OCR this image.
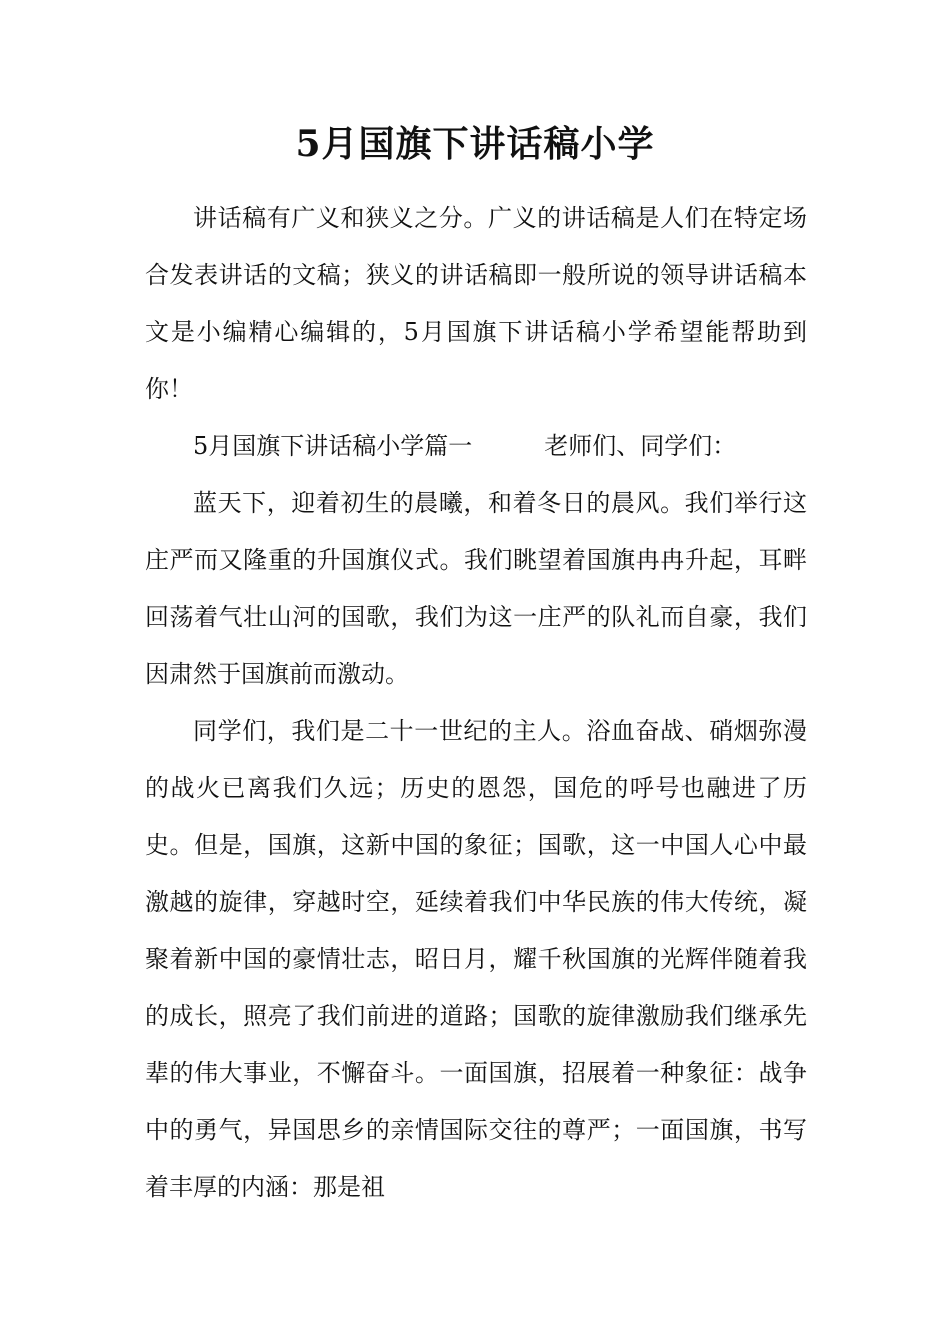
5月国旗下讲话稿小学

讲话稿有广义和狭义之分。广义的讲话稿是人们在特定场合发表讲话的文稿；狭义的讲话稿即一般所说的领导讲话稿本文是小编精心编辑的，5月国旗下讲话稿小学希望能帮助到你！

5月国旗下讲话稿小学篇一	老师们、同学们：

蓝天下，迎着初生的晨曦，和着冬日的晨风。我们举行这庄严而又隆重的升国旗仪式。我们眺望着国旗冉冉升起，耳畔回荡着气壮山河的国歌，我们为这一庄严的队礼而自豪，我们因肃然于国旗前而激动。

同学们，我们是二十一世纪的主人。浴血奋战、硝烟弥漫的战火已离我们久远；历史的恩怨，国危的呼号也融进了历史。但是，国旗，这新中国的象征；国歌，这一中国人心中最激越的旋律，穿越时空，延续着我们中华民族的伟大传统，凝聚着新中国的豪情壮志，昭日月，耀千秋国旗的光辉伴随着我的成长，照亮了我们前进的道路；国歌的旋律激励我们继承先辈的伟大事业，不懈奋斗。一面国旗，招展着一种象征：战争中的勇气，异国思乡的亲情国际交往的尊严；一面国旗，书写着丰厚的内涵：那是祖
